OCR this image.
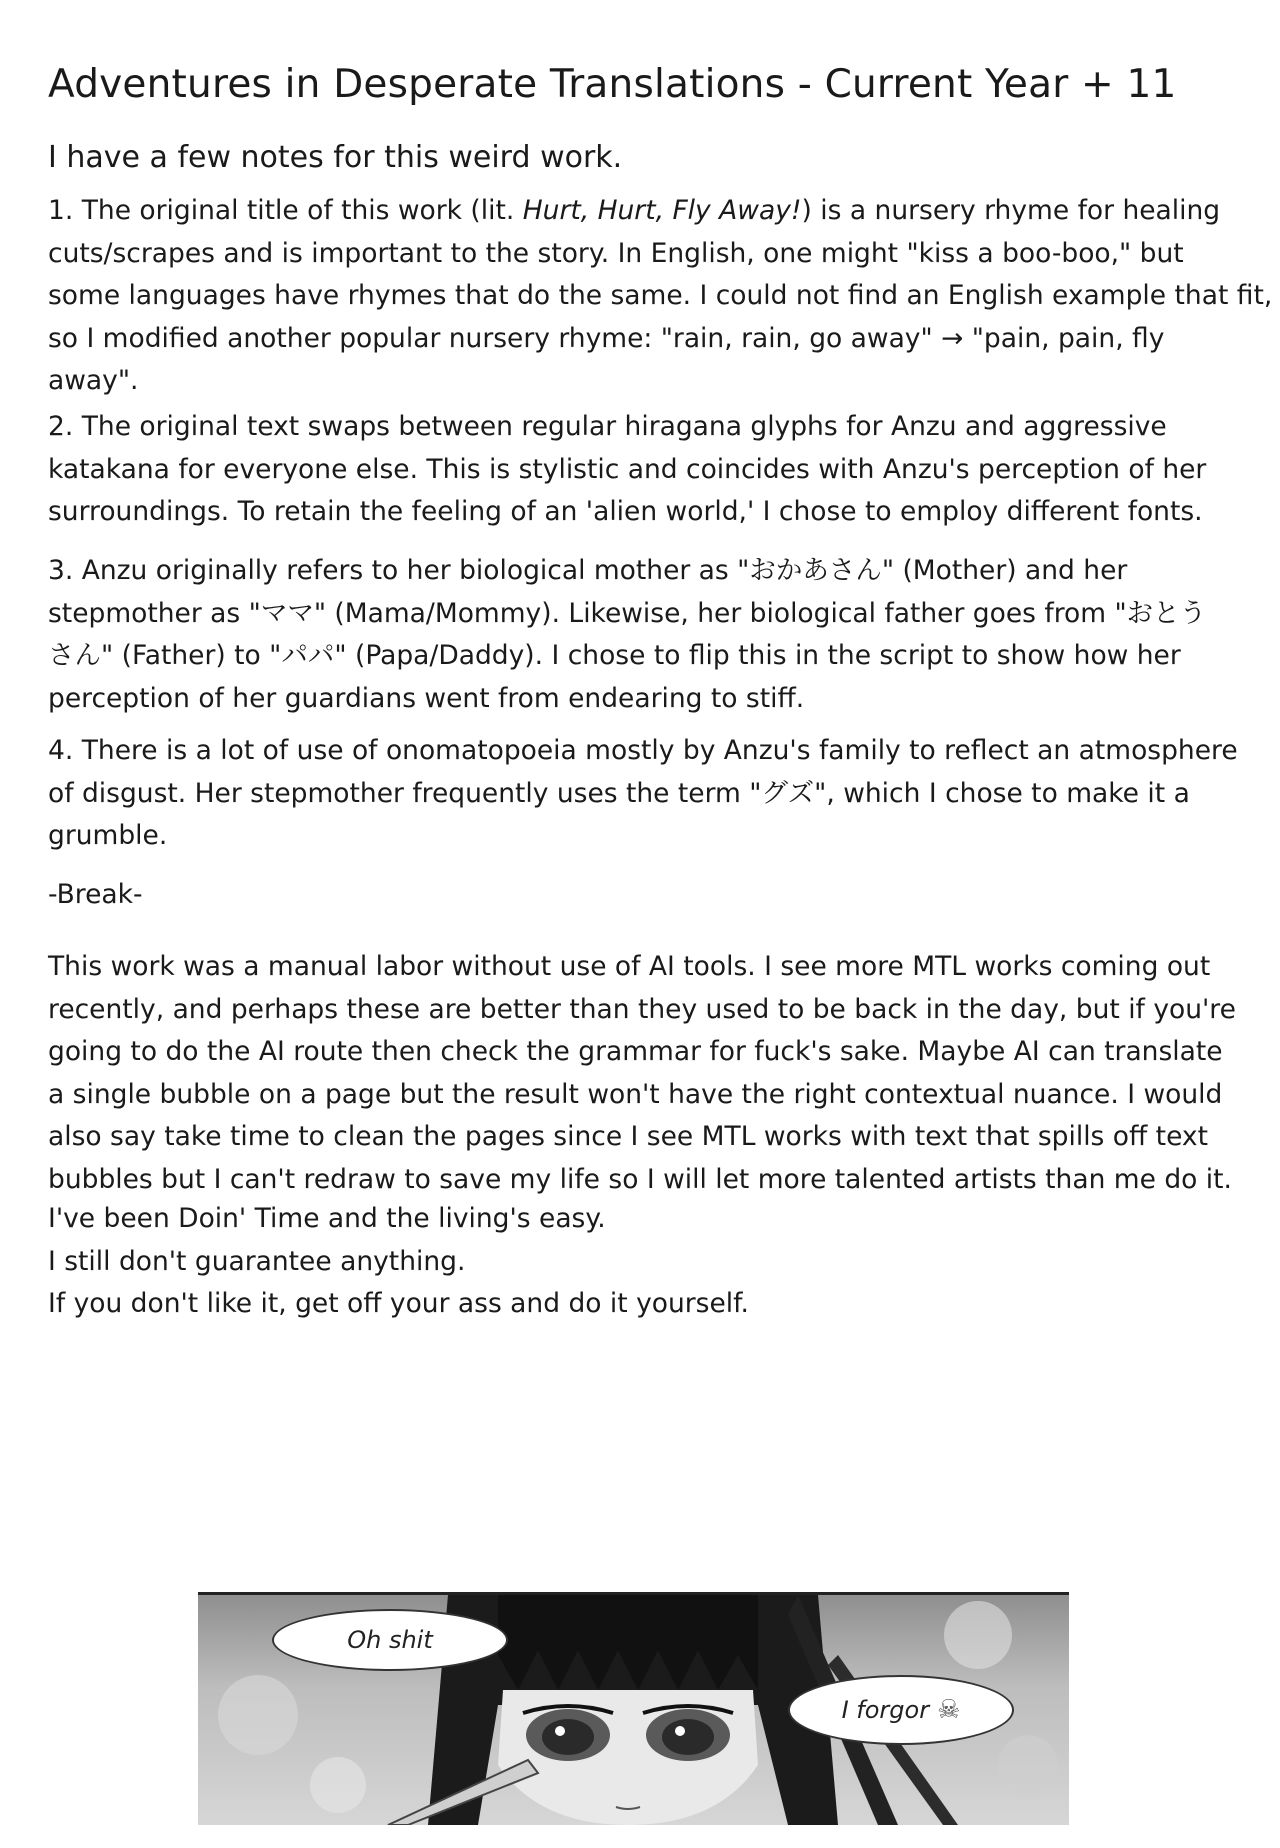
Adventures in Desperate Translations - Current Year + 11

I have a few notes for this weird work.

1. The original title of this work (lit. Hurt, Hurt, Fly Away!) is a nursery rhyme for healing
cuts/scrapes and is important to the story. In English, one might "kiss a boo-boo," but
some languages have rhymes that do the same. I could not find an English example that fit,
so I modified another popular nursery rhyme: "rain, rain, go away" → "pain, pain, fly
away".
2. The original text swaps between regular hiragana glyphs for Anzu and aggressive
katakana for everyone else. This is stylistic and coincides with Anzu's perception of her
surroundings. To retain the feeling of an 'alien world,' I chose to employ different fonts.
3. Anzu originally refers to her biological mother as "おかあさん" (Mother) and her
stepmother as "ママ" (Mama/Mommy). Likewise, her biological father goes from "おとう
さん" (Father) to "パパ" (Papa/Daddy). I chose to flip this in the script to show how her
perception of her guardians went from endearing to stiff.
4. There is a lot of use of onomatopoeia mostly by Anzu's family to reflect an atmosphere
of disgust. Her stepmother frequently uses the term "グズ", which I chose to make it a
grumble.
-Break-
This work was a manual labor without use of AI tools. I see more MTL works coming out
recently, and perhaps these are better than they used to be back in the day, but if you're
going to do the AI route then check the grammar for fuck's sake. Maybe AI can translate
a single bubble on a page but the result won't have the right contextual nuance. I would
also say take time to clean the pages since I see MTL works with text that spills off text
bubbles but I can't redraw to save my life so I will let more talented artists than me do it.
I've been Doin' Time and the living's easy.
I still don't guarantee anything.
If you don't like it, get off your ass and do it yourself.
Oh shit
I forgor ☠
